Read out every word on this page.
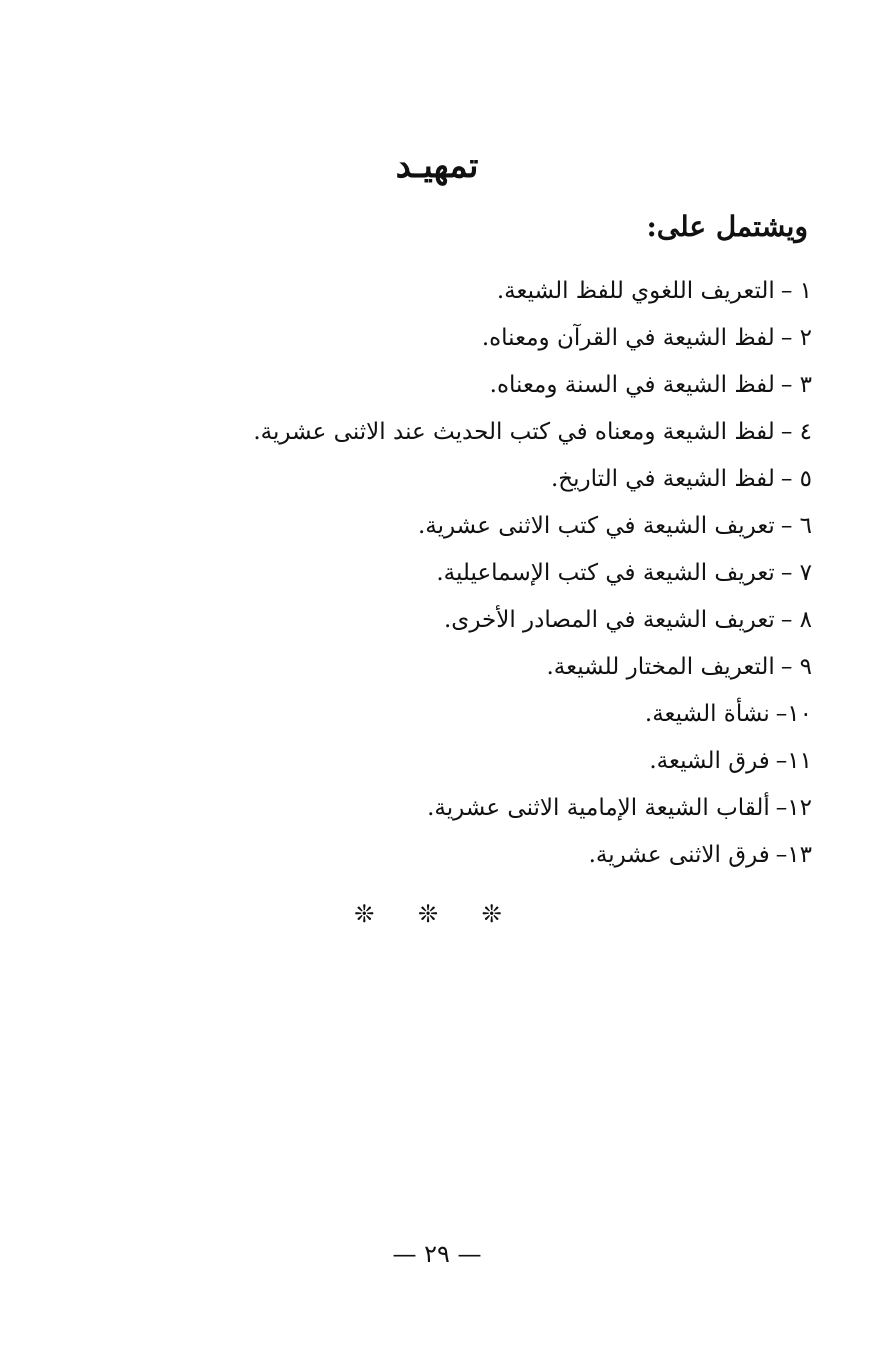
تمهيـد
ويشتمل على:
١ –التعريف اللغوي للفظ الشيعة.
٢ –لفظ الشيعة في القرآن ومعناه.
٣ –لفظ الشيعة في السنة ومعناه.
٤ –لفظ الشيعة ومعناه في كتب الحديث عند الاثنى عشرية.
٥ –لفظ الشيعة في التاريخ.
٦ –تعريف الشيعة في كتب الاثنى عشرية.
٧ –تعريف الشيعة في كتب الإسماعيلية.
٨ –تعريف الشيعة في المصادر الأخرى.
٩ –التعريف المختار للشيعة.
١٠–نشأة الشيعة.
١١–فرق الشيعة.
١٢–ألقاب الشيعة الإمامية الاثنى عشرية.
١٣–فرق الاثنى عشرية.
❊ ❊ ❊
— ٢٩ —
